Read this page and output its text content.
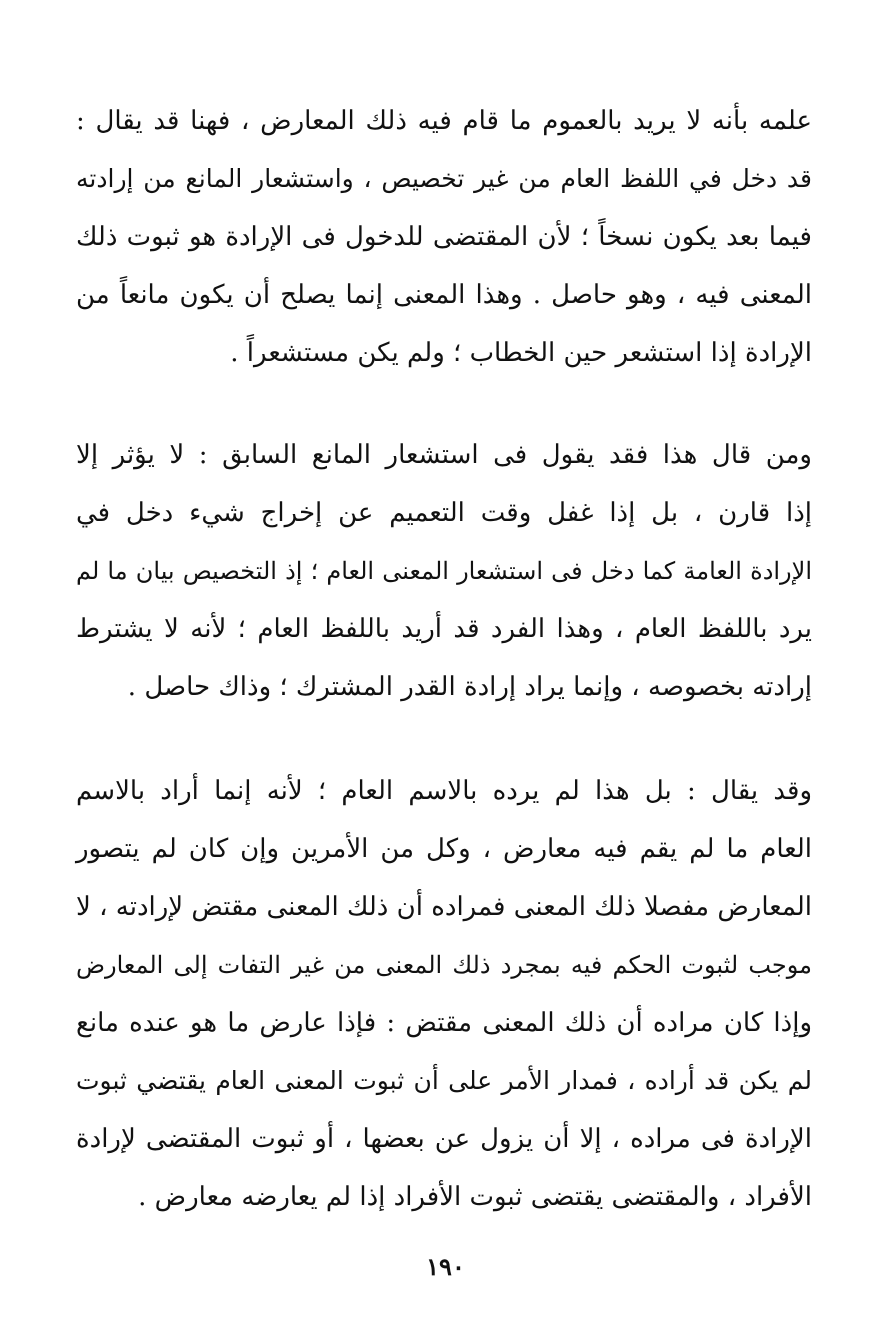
علمه بأنه لا يريد بالعموم ما قام فيه ذلك المعارض ، فهنا قد يقال :
قد دخل في اللفظ العام من غير تخصيص ، واستشعار المانع من إرادته
فيما بعد يكون نسخاً ؛ لأن المقتضى للدخول فى الإرادة هو ثبوت ذلك
المعنى فيه ، وهو حاصل . وهذا المعنى إنما يصلح أن يكون مانعاً من
الإرادة إذا استشعر حين الخطاب ؛ ولم يكن مستشعراً .
ومن قال هذا فقد يقول فى استشعار المانع السابق : لا يؤثر إلا
إذا قارن ، بل إذا غفل وقت التعميم عن إخراج شيء دخل في
الإرادة العامة كما دخل فى استشعار المعنى العام ؛ إذ التخصيص بيان ما لم
يرد باللفظ العام ، وهذا الفرد قد أريد باللفظ العام ؛ لأنه لا يشترط
إرادته بخصوصه ، وإنما يراد إرادة القدر المشترك ؛ وذاك حاصل .
وقد يقال : بل هذا لم يرده بالاسم العام ؛ لأنه إنما أراد بالاسم
العام ما لم يقم فيه معارض ، وكل من الأمرين وإن كان لم يتصور
المعارض مفصلا ذلك المعنى فمراده أن ذلك المعنى مقتض لإرادته ، لا
موجب لثبوت الحكم فيه بمجرد ذلك المعنى من غير التفات إلى المعارض
وإذا كان مراده أن ذلك المعنى مقتض : فإذا عارض ما هو عنده مانع
لم يكن قد أراده ، فمدار الأمر على أن ثبوت المعنى العام يقتضي ثبوت
الإرادة فى مراده ، إلا أن يزول عن بعضها ، أو ثبوت المقتضى لإرادة
الأفراد ، والمقتضى يقتضى ثبوت الأفراد إذا لم يعارضه معارض .
١٩٠
